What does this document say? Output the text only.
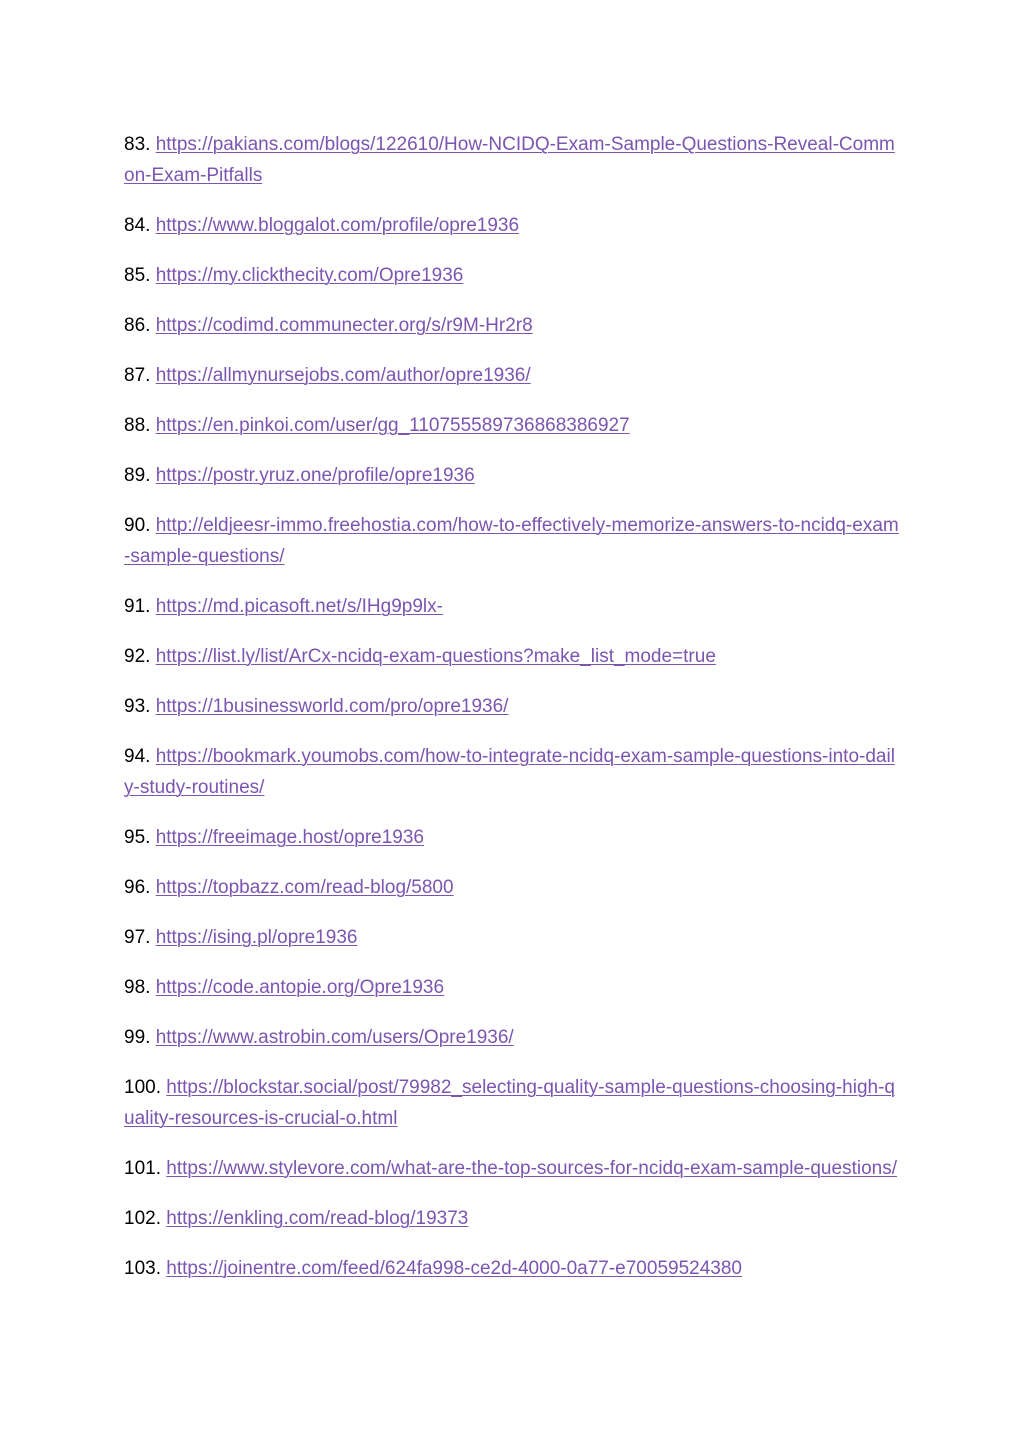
83. https://pakians.com/blogs/122610/How-NCIDQ-Exam-Sample-Questions-Reveal-Common-Exam-Pitfalls
84. https://www.bloggalot.com/profile/opre1936
85. https://my.clickthecity.com/Opre1936
86. https://codimd.communecter.org/s/r9M-Hr2r8
87. https://allmynursejobs.com/author/opre1936/
88. https://en.pinkoi.com/user/gg_110755589736868386927
89. https://postr.yruz.one/profile/opre1936
90. http://eldjeesr-immo.freehostia.com/how-to-effectively-memorize-answers-to-ncidq-exam-sample-questions/
91. https://md.picasoft.net/s/IHg9p9lx-
92. https://list.ly/list/ArCx-ncidq-exam-questions?make_list_mode=true
93. https://1businessworld.com/pro/opre1936/
94. https://bookmark.youmobs.com/how-to-integrate-ncidq-exam-sample-questions-into-daily-study-routines/
95. https://freeimage.host/opre1936
96. https://topbazz.com/read-blog/5800
97. https://ising.pl/opre1936
98. https://code.antopie.org/Opre1936
99. https://www.astrobin.com/users/Opre1936/
100. https://blockstar.social/post/79982_selecting-quality-sample-questions-choosing-high-quality-resources-is-crucial-o.html
101. https://www.stylevore.com/what-are-the-top-sources-for-ncidq-exam-sample-questions/
102. https://enkling.com/read-blog/19373
103. https://joinentre.com/feed/624fa998-ce2d-4000-0a77-e70059524380
